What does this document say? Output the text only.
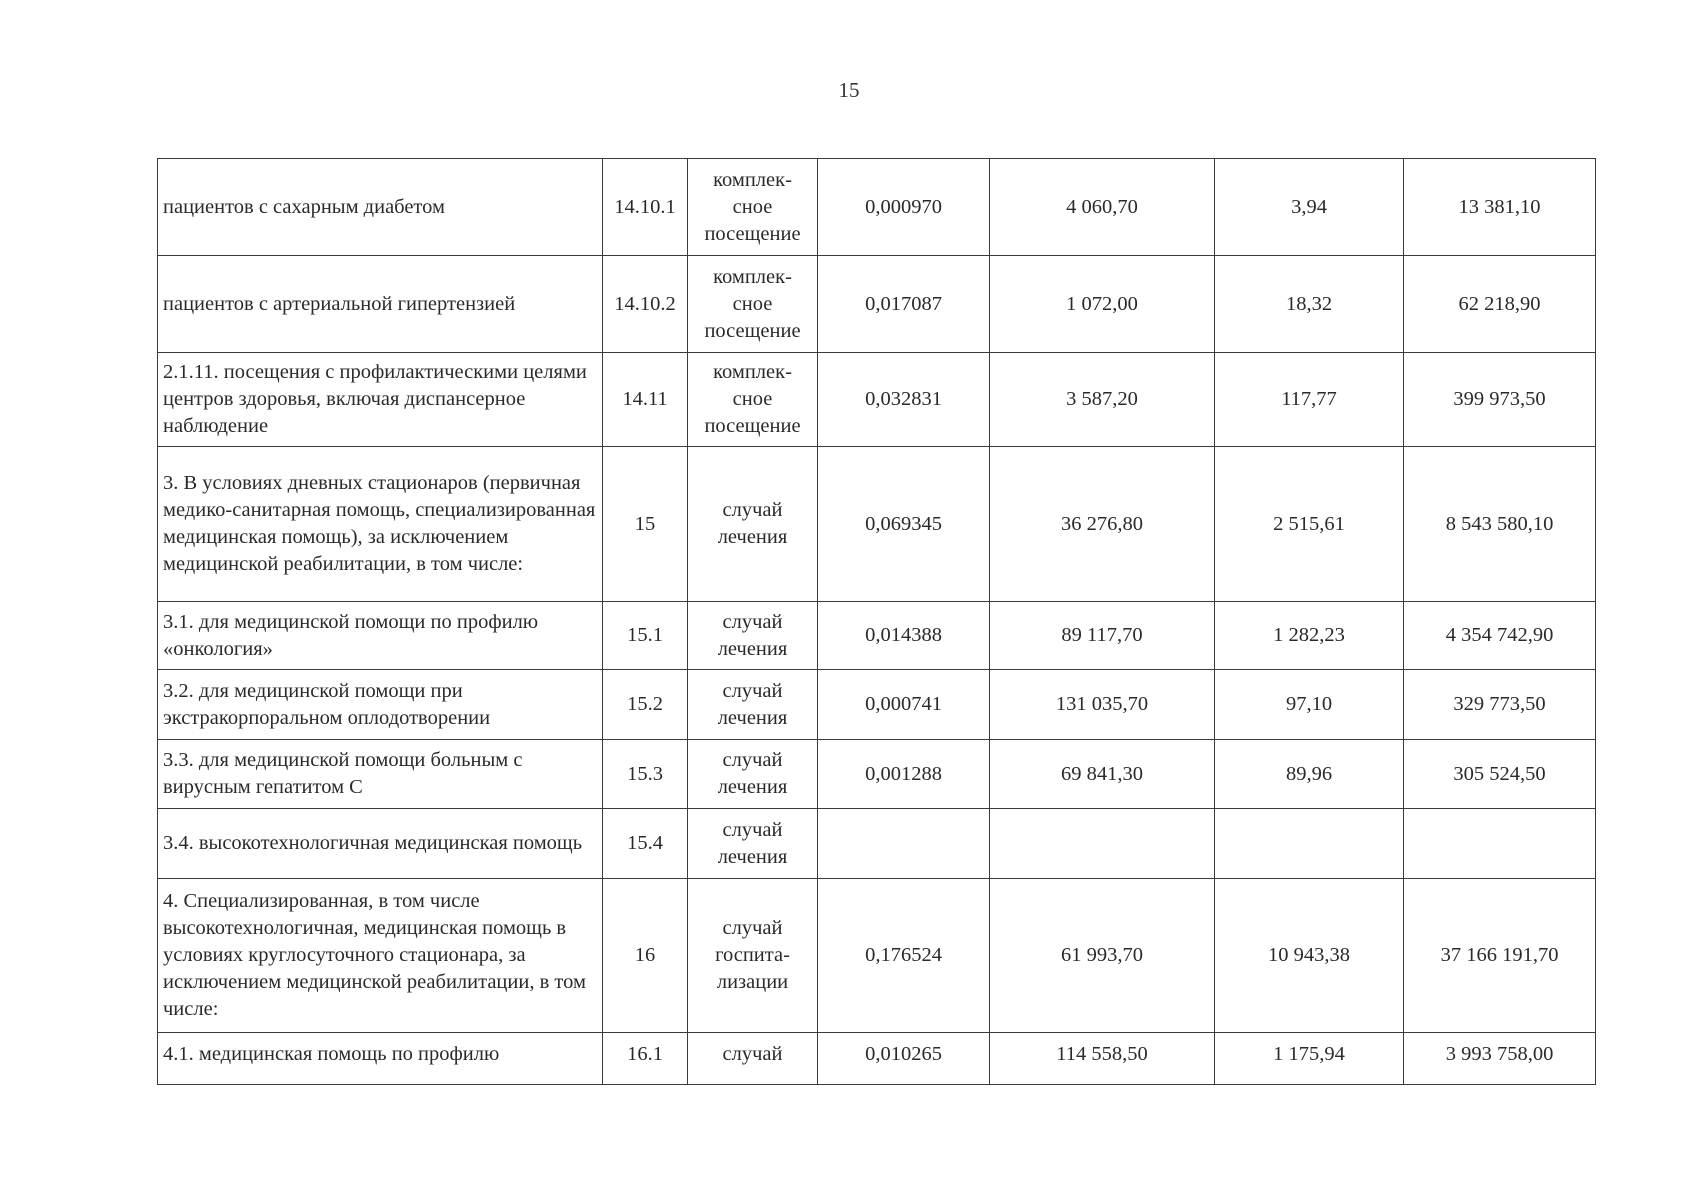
15
пациентов с сахарным диабетом	14.10.1	комплек-
сное
посещение	0,000970	4 060,70	3,94	13 381,10
пациентов с артериальной гипертензией	14.10.2	комплек-
сное
посещение	0,017087	1 072,00	18,32	62 218,90
2.1.11. посещения с профилактическими целями центров здоровья, включая диспансерное наблюдение	14.11	комплек-
сное
посещение	0,032831	3 587,20	117,77	399 973,50
3. В условиях дневных стационаров (первичная медико-санитарная помощь, специализированная медицинская помощь), за исключением медицинской реабилитации, в том числе:	15	случай
лечения	0,069345	36 276,80	2 515,61	8 543 580,10
3.1. для медицинской помощи по профилю «онкология»	15.1	случай
лечения	0,014388	89 117,70	1 282,23	4 354 742,90
3.2. для медицинской помощи при экстракорпоральном оплодотворении	15.2	случай
лечения	0,000741	131 035,70	97,10	329 773,50
3.3. для медицинской помощи больным с вирусным гепатитом С	15.3	случай
лечения	0,001288	69 841,30	89,96	305 524,50
3.4. высокотехнологичная медицинская помощь	15.4	случай
лечения				
4. Специализированная, в том числе высокотехнологичная, медицинская помощь в условиях круглосуточного стационара, за исключением медицинской реабилитации, в том числе:	16	случай
госпита-
лизации	0,176524	61 993,70	10 943,38	37 166 191,70
4.1. медицинская помощь по профилю	16.1	случай	0,010265	114 558,50	1 175,94	3 993 758,00
